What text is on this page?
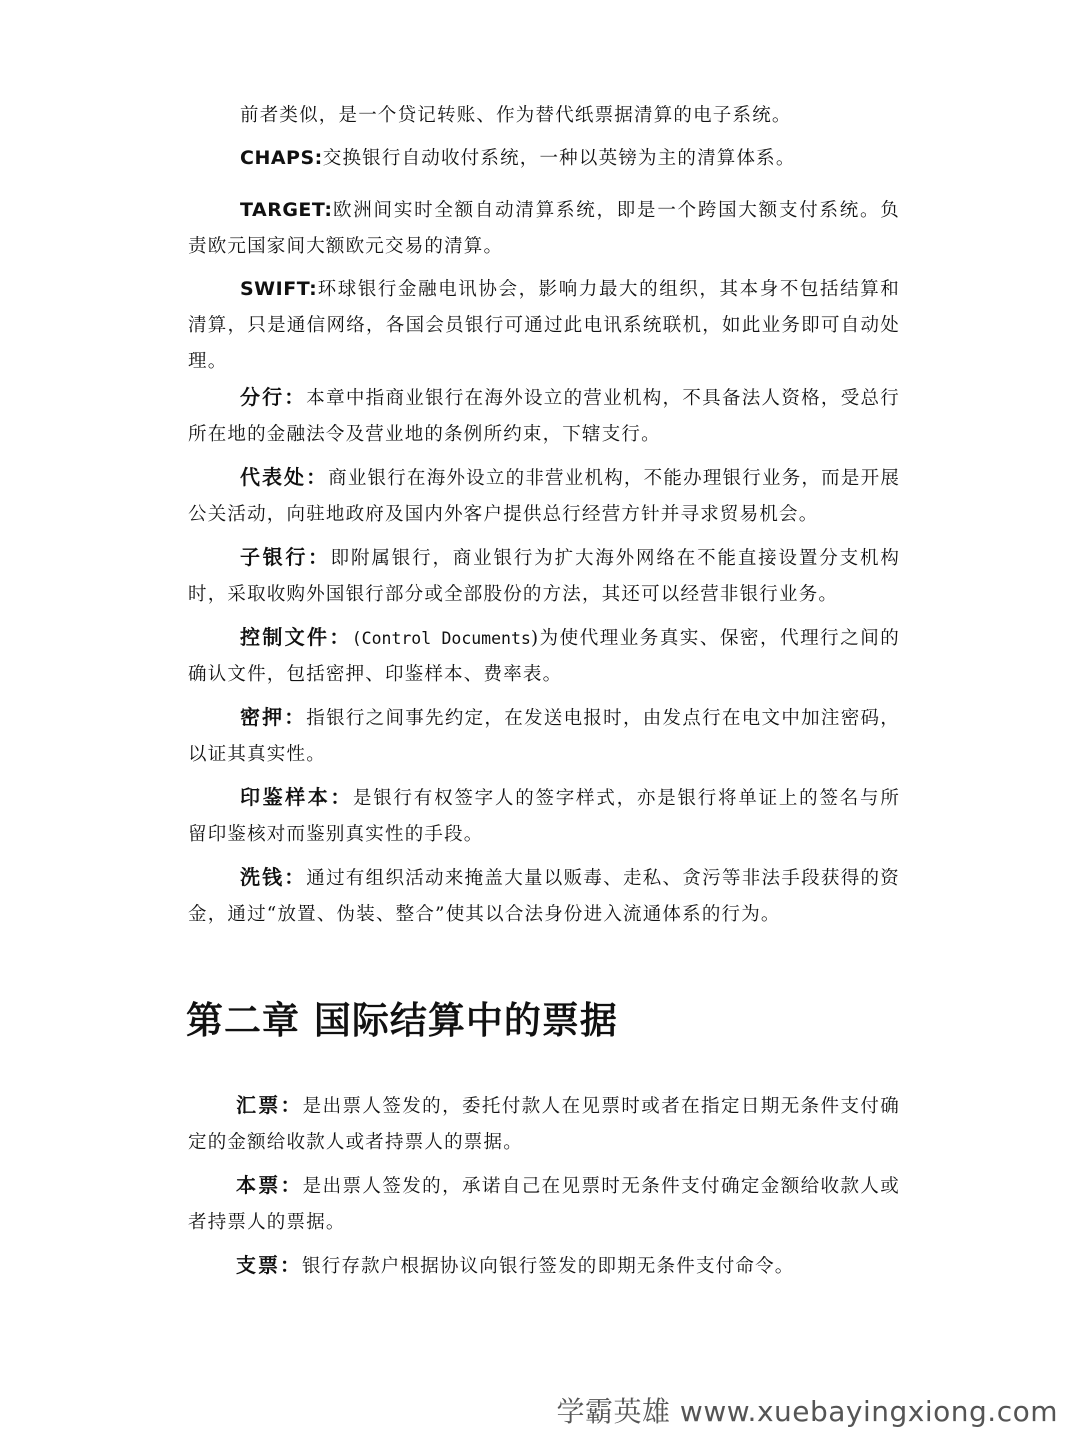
前者类似，是一个贷记转账、作为替代纸票据清算的电子系统。

CHAPS:交换银行自动收付系统，一种以英镑为主的清算体系。

TARGET:欧洲间实时全额自动清算系统，即是一个跨国大额支付系统。负责欧元国家间大额欧元交易的清算。

SWIFT:环球银行金融电讯协会，影响力最大的组织，其本身不包括结算和清算，只是通信网络，各国会员银行可通过此电讯系统联机，如此业务即可自动处理。

分行：本章中指商业银行在海外设立的营业机构，不具备法人资格，受总行所在地的金融法令及营业地的条例所约束，下辖支行。

代表处：商业银行在海外设立的非营业机构，不能办理银行业务，而是开展公关活动，向驻地政府及国内外客户提供总行经营方针并寻求贸易机会。

子银行：即附属银行，商业银行为扩大海外网络在不能直接设置分支机构时，采取收购外国银行部分或全部股份的方法，其还可以经营非银行业务。

控制文件：(Control Documents)为使代理业务真实、保密，代理行之间的确认文件，包括密押、印鉴样本、费率表。

密押：指银行之间事先约定，在发送电报时，由发点行在电文中加注密码，以证其真实性。

印鉴样本：是银行有权签字人的签字样式，亦是银行将单证上的签名与所留印鉴核对而鉴别真实性的手段。

洗钱：通过有组织活动来掩盖大量以贩毒、走私、贪污等非法手段获得的资金，通过“放置、伪装、整合”使其以合法身份进入流通体系的行为。

第二章 国际结算中的票据

汇票：是出票人签发的，委托付款人在见票时或者在指定日期无条件支付确定的金额给收款人或者持票人的票据。

本票：是出票人签发的，承诺自己在见票时无条件支付确定金额给收款人或者持票人的票据。

支票：银行存款户根据协议向银行签发的即期无条件支付命令。

学霸英雄 www.xuebayingxiong.com
